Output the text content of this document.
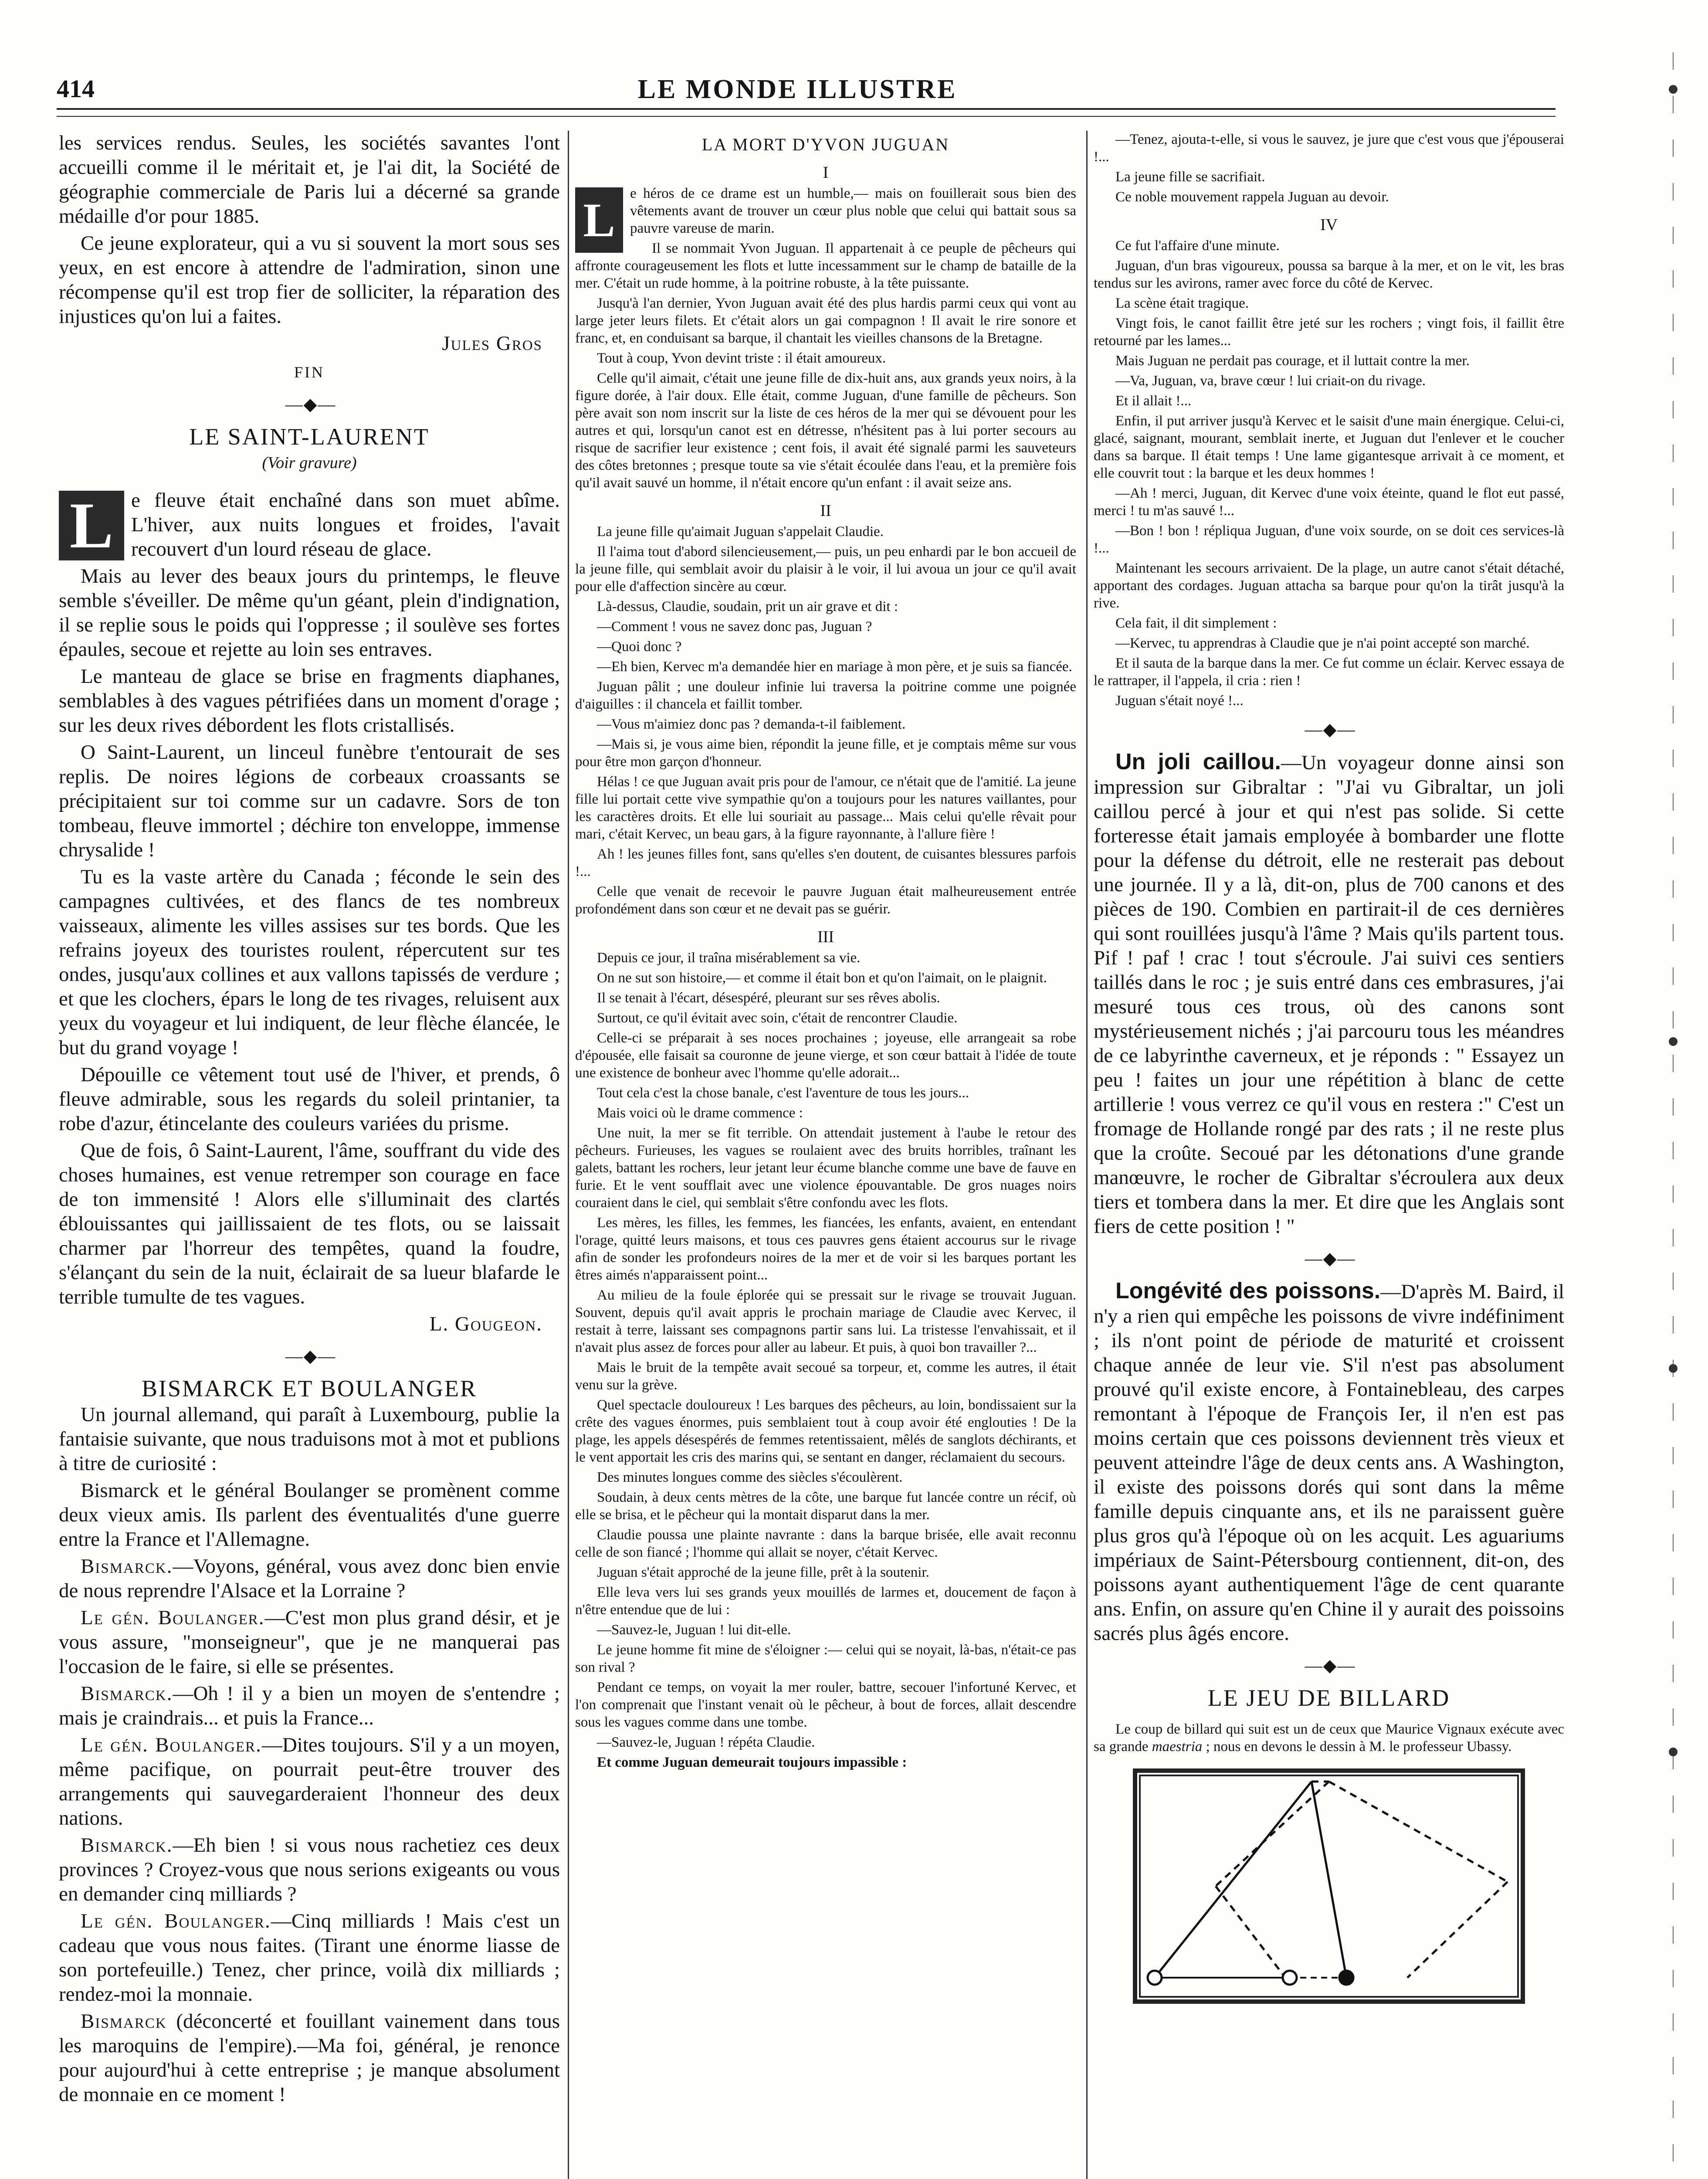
414	LE MONDE ILLUSTRE

les services rendus. Seules, les sociétés savantes l'ont accueilli comme il le méritait et, je l'ai dit, la Société de géographie commerciale de Paris lui a décerné sa grande médaille d'or pour 1885.

Ce jeune explorateur, qui a vu si souvent la mort sous ses yeux, en est encore à attendre de l'admiration, sinon une récompense qu'il est trop fier de solliciter, la réparation des injustices qu'on lui a faites.

Jules Gros

FIN

— ◆ —

LE SAINT-LAURENT

(Voir gravure)

L e fleuve était enchaîné dans son muet abîme. L'hiver, aux nuits longues et froides, l'avait recouvert d'un lourd réseau de glace.

Mais au lever des beaux jours du printemps, le fleuve semble s'éveiller. De même qu'un géant, plein d'indignation, il se replie sous le poids qui l'oppresse ; il soulève ses fortes épaules, secoue et rejette au loin ses entraves.

Le manteau de glace se brise en fragments diaphanes, semblables à des vagues pétrifiées dans un moment d'orage ; sur les deux rives débordent les flots cristallisés.

O Saint-Laurent, un linceul funèbre t'entourait de ses replis. De noires légions de corbeaux croassants se précipitaient sur toi comme sur un cadavre. Sors de ton tombeau, fleuve immortel ; déchire ton enveloppe, immense chrysalide !

Tu es la vaste artère du Canada ; féconde le sein des campagnes cultivées, et des flancs de tes nombreux vaisseaux, alimente les villes assises sur tes bords. Que les refrains joyeux des touristes roulent, répercutent sur tes ondes, jusqu'aux collines et aux vallons tapissés de verdure ; et que les clochers, épars le long de tes rivages, reluisent aux yeux du voyageur et lui indiquent, de leur flèche élancée, le but du grand voyage !

Dépouille ce vêtement tout usé de l'hiver, et prends, ô fleuve admirable, sous les regards du soleil printanier, ta robe d'azur, étincelante des couleurs variées du prisme.

Que de fois, ô Saint-Laurent, l'âme, souffrant du vide des choses humaines, est venue retremper son courage en face de ton immensité ! Alors elle s'illuminait des clartés éblouissantes qui jaillissaient de tes flots, ou se laissait charmer par l'horreur des tempêtes, quand la foudre, s'élançant du sein de la nuit, éclairait de sa lueur blafarde le terrible tumulte de tes vagues.

L. Gougeon.

— ◆ —

BISMARCK ET BOULANGER

Un journal allemand, qui paraît à Luxembourg, publie la fantaisie suivante, que nous traduisons mot à mot et publions à titre de curiosité :

Bismarck et le général Boulanger se promènent comme deux vieux amis. Ils parlent des éventualités d'une guerre entre la France et l'Allemagne.

Bismarck.—Voyons, général, vous avez donc bien envie de nous reprendre l'Alsace et la Lorraine ?

Le gén. Boulanger.—C'est mon plus grand désir, et je vous assure, "monseigneur", que je ne manquerai pas l'occasion de le faire, si elle se présentes.

Bismarck.—Oh ! il y a bien un moyen de s'entendre ; mais je craindrais... et puis la France...

Le gén. Boulanger.—Dites toujours. S'il y a un moyen, même pacifique, on pourrait peut-être trouver des arrangements qui sauvegarderaient l'honneur des deux nations.

Bismarck.—Eh bien ! si vous nous rachetiez ces deux provinces ? Croyez-vous que nous serions exigeants ou vous en demander cinq milliards ?

Le gén. Boulanger.—Cinq milliards ! Mais c'est un cadeau que vous nous faites. (Tirant une énorme liasse de son portefeuille.) Tenez, cher prince, voilà dix milliards ; rendez-moi la monnaie.

Bismarck (déconcerté et fouillant vainement dans tous les maroquins de l'empire).—Ma foi, général, je renonce pour aujourd'hui à cette entreprise ; je manque absolument de monnaie en ce moment !

LA MORT D'YVON JUGUAN

I

L	e héros de ce drame est un humble,— mais on fouillerait sous bien des vêtements avant de trouver un cœur plus noble que celui qui battait sous sa pauvre vareuse de marin.

Il se nommait Yvon Juguan. Il appartenait à ce peuple de pêcheurs qui affronte courageusement les flots et lutte incessamment sur le champ de bataille de la mer. C'était un rude homme, à la poitrine robuste, à la tête puissante.

Jusqu'à l'an dernier, Yvon Juguan avait été des plus hardis parmi ceux qui vont au large jeter leurs filets. Et c'était alors un gai compagnon ! Il avait le rire sonore et franc, et, en conduisant sa barque, il chantait les vieilles chansons de la Bretagne.

Tout à coup, Yvon devint triste : il était amoureux.

Celle qu'il aimait, c'était une jeune fille de dix-huit ans, aux grands yeux noirs, à la figure dorée, à l'air doux. Elle était, comme Juguan, d'une famille de pêcheurs. Son père avait son nom inscrit sur la liste de ces héros de la mer qui se dévouent pour les autres et qui, lorsqu'un canot est en détresse, n'hésitent pas à lui porter secours au risque de sacrifier leur existence ; cent fois, il avait été signalé parmi les sauveteurs des côtes bretonnes ; presque toute sa vie s'était écoulée dans l'eau, et la première fois qu'il avait sauvé un homme, il n'était encore qu'un enfant : il avait seize ans.

II

La jeune fille qu'aimait Juguan s'appelait Claudie.

Il l'aima tout d'abord silencieusement,— puis, un peu enhardi par le bon accueil de la jeune fille, qui semblait avoir du plaisir à le voir, il lui avoua un jour ce qu'il avait pour elle d'affection sincère au cœur.

Là-dessus, Claudie, soudain, prit un air grave et dit :

—Comment ! vous ne savez donc pas, Juguan ?

—Quoi donc ?

—Eh bien, Kervec m'a demandée hier en mariage à mon père, et je suis sa fiancée.

Juguan pâlit ; une douleur infinie lui traversa la poitrine comme une poignée d'aiguilles : il chancela et faillit tomber.

—Vous m'aimiez donc pas ? demanda-t-il faiblement.

—Mais si, je vous aime bien, répondit la jeune fille, et je comptais même sur vous pour être mon garçon d'honneur.

Hélas ! ce que Juguan avait pris pour de l'amour, ce n'était que de l'amitié. La jeune fille lui portait cette vive sympathie qu'on a toujours pour les natures vaillantes, pour les caractères droits. Et elle lui souriait au passage... Mais celui qu'elle rêvait pour mari, c'était Kervec, un beau gars, à la figure rayonnante, à l'allure fière !

Ah ! les jeunes filles font, sans qu'elles s'en doutent, de cuisantes blessures parfois !...

Celle que venait de recevoir le pauvre Juguan était malheureusement entrée profondément dans son cœur et ne devait pas se guérir.

III

Depuis ce jour, il traîna misérablement sa vie.

On ne sut son histoire,— et comme il était bon et qu'on l'aimait, on le plaignit.

Il se tenait à l'écart, désespéré, pleurant sur ses rêves abolis.

Surtout, ce qu'il évitait avec soin, c'était de rencontrer Claudie.

Celle-ci se préparait à ses noces prochaines ; joyeuse, elle arrangeait sa robe d'épousée, elle faisait sa couronne de jeune vierge, et son cœur battait à l'idée de toute une existence de bonheur avec l'homme qu'elle adorait...

Tout cela c'est la chose banale, c'est l'aventure de tous les jours...

Mais voici où le drame commence :

Une nuit, la mer se fit terrible. On attendait justement à l'aube le retour des pêcheurs. Furieuses, les vagues se roulaient avec des bruits horribles, traînant les galets, battant les rochers, leur jetant leur écume blanche comme une bave de fauve en furie. Et le vent soufflait avec une violence épouvantable. De gros nuages noirs couraient dans le ciel, qui semblait s'être confondu avec les flots.

Les mères, les filles, les femmes, les fiancées, les enfants, avaient, en entendant l'orage, quitté leurs maisons, et tous ces pauvres gens étaient accourus sur le rivage afin de sonder les profondeurs noires de la mer et de voir si les barques portant les êtres aimés n'apparaissent point...

Au milieu de la foule éplorée qui se pressait sur le rivage se trouvait Juguan. Souvent, depuis qu'il avait appris le prochain mariage de Claudie avec Kervec, il restait à terre, laissant ses compagnons partir sans lui. La tristesse l'envahissait, et il n'avait plus assez de forces pour aller au labeur. Et puis, à quoi bon travailler ?...

Mais le bruit de la tempête avait secoué sa torpeur, et, comme les autres, il était venu sur la grève.

Quel spectacle douloureux ! Les barques des pêcheurs, au loin, bondissaient sur la crête des vagues énormes, puis semblaient tout à coup avoir été englouties ! De la plage, les appels désespérés de femmes retentissaient, mêlés de sanglots déchirants, et le vent apportait les cris des marins qui, se sentant en danger, réclamaient du secours.

Des minutes longues comme des siècles s'écoulèrent.

Soudain, à deux cents mètres de la côte, une barque fut lancée contre un récif, où elle se brisa, et le pêcheur qui la montait disparut dans la mer.

Claudie poussa une plainte navrante : dans la barque brisée, elle avait reconnu celle de son fiancé ; l'homme qui allait se noyer, c'était Kervec.

Juguan s'était approché de la jeune fille, prêt à la soutenir.

Elle leva vers lui ses grands yeux mouillés de larmes et, doucement de façon à n'être entendue que de lui :

—Sauvez-le, Juguan ! lui dit-elle.

Le jeune homme fit mine de s'éloigner :— celui qui se noyait, là-bas, n'était-ce pas son rival ?

Pendant ce temps, on voyait la mer rouler, battre, secouer l'infortuné Kervec, et l'on comprenait que l'instant venait où le pêcheur, à bout de forces, allait descendre sous les vagues comme dans une tombe.

—Sauvez-le, Juguan ! répéta Claudie.

Et comme Juguan demeurait toujours impassible :

—Tenez, ajouta-t-elle, si vous le sauvez, je jure que c'est vous que j'épouserai !...

La jeune fille se sacrifiait.

Ce noble mouvement rappela Juguan au devoir.

IV

Ce fut l'affaire d'une minute.

Juguan, d'un bras vigoureux, poussa sa barque à la mer, et on le vit, les bras tendus sur les avirons, ramer avec force du côté de Kervec.

La scène était tragique.

Vingt fois, le canot faillit être jeté sur les rochers ; vingt fois, il faillit être retourné par les lames...

Mais Juguan ne perdait pas courage, et il luttait contre la mer.

—Va, Juguan, va, brave cœur ! lui criait-on du rivage.

Et il allait !...

Enfin, il put arriver jusqu'à Kervec et le saisit d'une main énergique. Celui-ci, glacé, saignant, mourant, semblait inerte, et Juguan dut l'enlever et le coucher dans sa barque. Il était temps ! Une lame gigantesque arrivait à ce moment, et elle couvrit tout : la barque et les deux hommes !

—Ah ! merci, Juguan, dit Kervec d'une voix éteinte, quand le flot eut passé, merci ! tu m'as sauvé !...

—Bon ! bon ! répliqua Juguan, d'une voix sourde, on se doit ces services-là !...

Maintenant les secours arrivaient. De la plage, un autre canot s'était détaché, apportant des cordages. Juguan attacha sa barque pour qu'on la tirât jusqu'à la rive.

Cela fait, il dit simplement :

—Kervec, tu apprendras à Claudie que je n'ai point accepté son marché.

Et il sauta de la barque dans la mer. Ce fut comme un éclair. Kervec essaya de le rattraper, il l'appela, il cria : rien !

Juguan s'était noyé !...

— ◆ —

Un joli caillou.—Un voyageur donne ainsi son impression sur Gibraltar : "J'ai vu Gibraltar, un joli caillou percé à jour et qui n'est pas solide. Si cette forteresse était jamais employée à bombarder une flotte pour la défense du détroit, elle ne resterait pas debout une journée. Il y a là, dit-on, plus de 700 canons et des pièces de 190. Combien en partirait-il de ces dernières qui sont rouillées jusqu'à l'âme ? Mais qu'ils partent tous. Pif ! paf ! crac ! tout s'écroule. J'ai suivi ces sentiers taillés dans le roc ; je suis entré dans ces embrasures, j'ai mesuré tous ces trous, où des canons sont mystérieusement nichés ; j'ai parcouru tous les méandres de ce labyrinthe caverneux, et je réponds : " Essayez un peu ! faites un jour une répétition à blanc de cette artillerie ! vous verrez ce qu'il vous en restera :" C'est un fromage de Hollande rongé par des rats ; il ne reste plus que la croûte. Secoué par les détonations d'une grande manœuvre, le rocher de Gibraltar s'écroulera aux deux tiers et tombera dans la mer. Et dire que les Anglais sont fiers de cette position ! "

— ◆ —

Longévité des poissons.—D'après M. Baird, il n'y a rien qui empêche les poissons de vivre indéfiniment ; ils n'ont point de période de maturité et croissent chaque année de leur vie. S'il n'est pas absolument prouvé qu'il existe encore, à Fontainebleau, des carpes remontant à l'époque de François Ier, il n'en est pas moins certain que ces poissons deviennent très vieux et peuvent atteindre l'âge de deux cents ans. A Washington, il existe des poissons dorés qui sont dans la même famille depuis cinquante ans, et ils ne paraissent guère plus gros qu'à l'époque où on les acquit. Les aguariums impériaux de Saint-Pétersbourg contiennent, dit-on, des poissons ayant authentiquement l'âge de cent quarante ans. Enfin, on assure qu'en Chine il y aurait des poissoins sacrés plus âgés encore.

— ◆ —

LE JEU DE BILLARD

Le coup de billard qui suit est un de ceux que Maurice Vignaux exécute avec sa grande maestria ; nous en devons le dessin à M. le professeur Ubassy.
